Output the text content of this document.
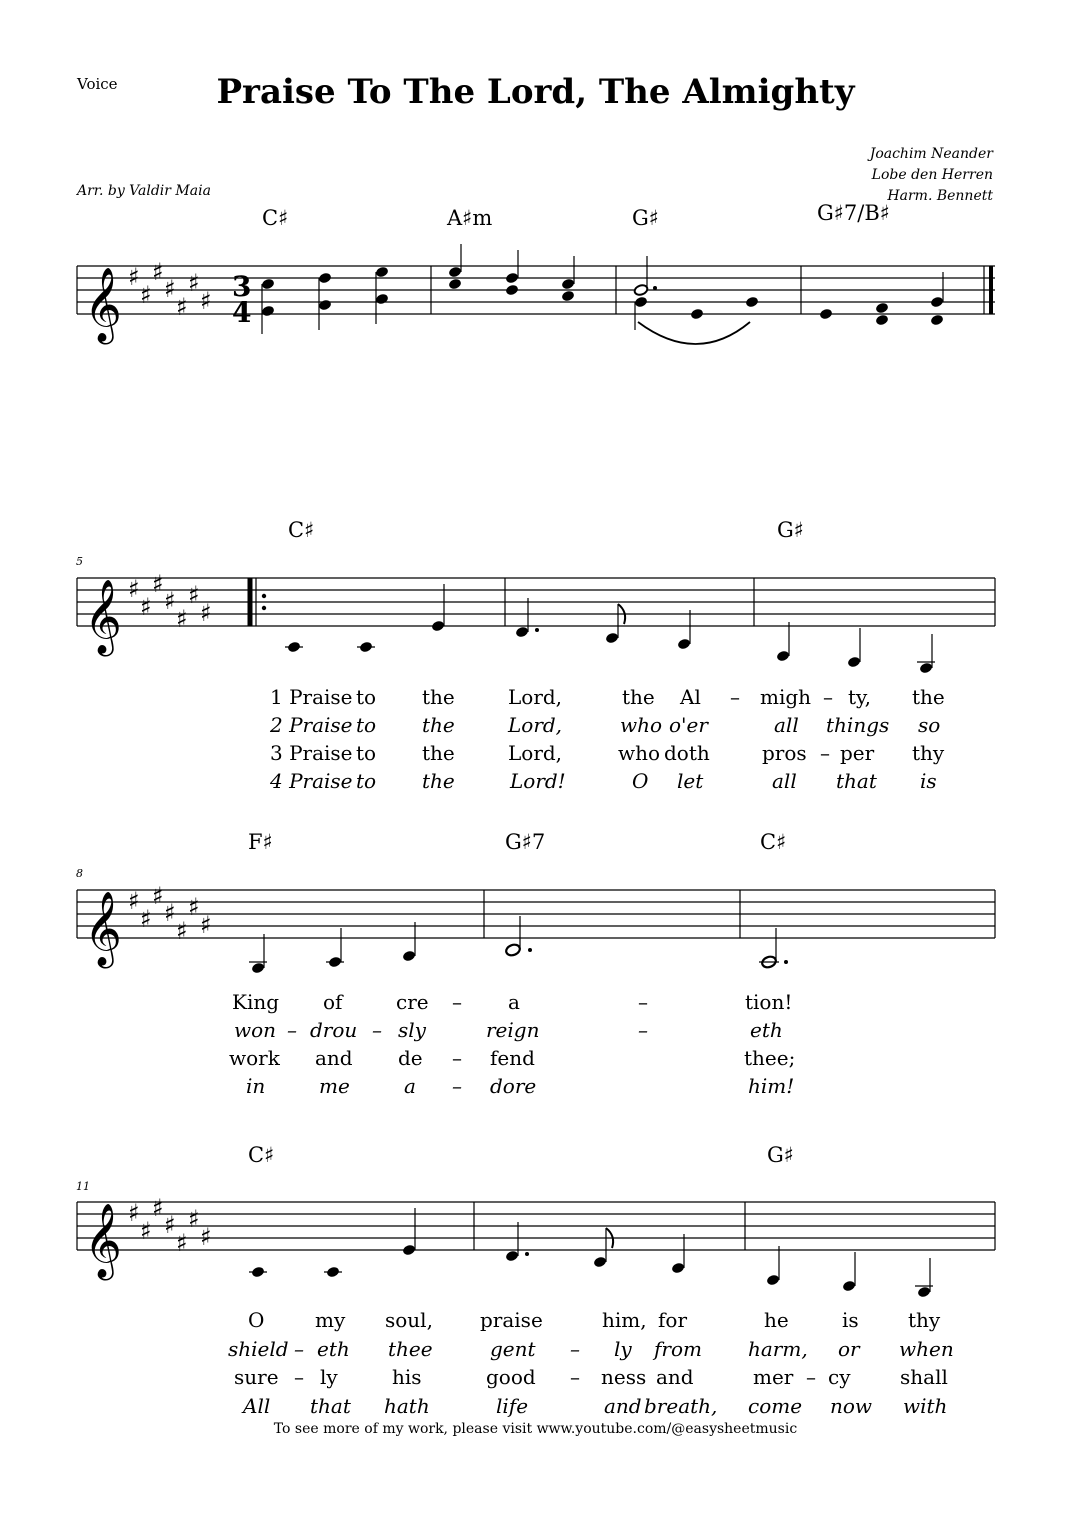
Voice	Praise To The Lord, The Almighty
Joachim Neander
Lobe den Herren
Harm. Bennett
Arr. by Valdir Maia
C♯	A♯m	G♯	G♯7/B♯
𝄞 ♯
♯
♯
♯
♯
♯
♯ 3
4
C♯	G♯
5
𝄞 ♯
♯
♯
♯
♯
♯
♯
1 Praise to the	Lord,	the Al – migh – ty, the
2 Praise to the	Lord,	who o'er	all things so
3 Praise to the	Lord,	who doth	pros – per thy
4 Praise to the	Lord!	O let	all that is
F♯	G♯7	C♯
8
𝄞 ♯
♯
♯
♯
♯
♯
♯
King of	cre – a	–	tion!
won – drou – sly	reign	–	eth
work and de – fend	thee;
in	me	a – dore	him!
C♯	G♯
11
𝄞 ♯
♯
♯
♯
♯
♯
♯
O	my soul, praise	him, for	he	is thy
shield – eth thee	gent – ly from harm, or when
sure – ly	his	good – ness and	mer – cy shall
All that hath	life	and breath, come now with
To see more of my work, please visit www.youtube.com/@easysheetmusic
